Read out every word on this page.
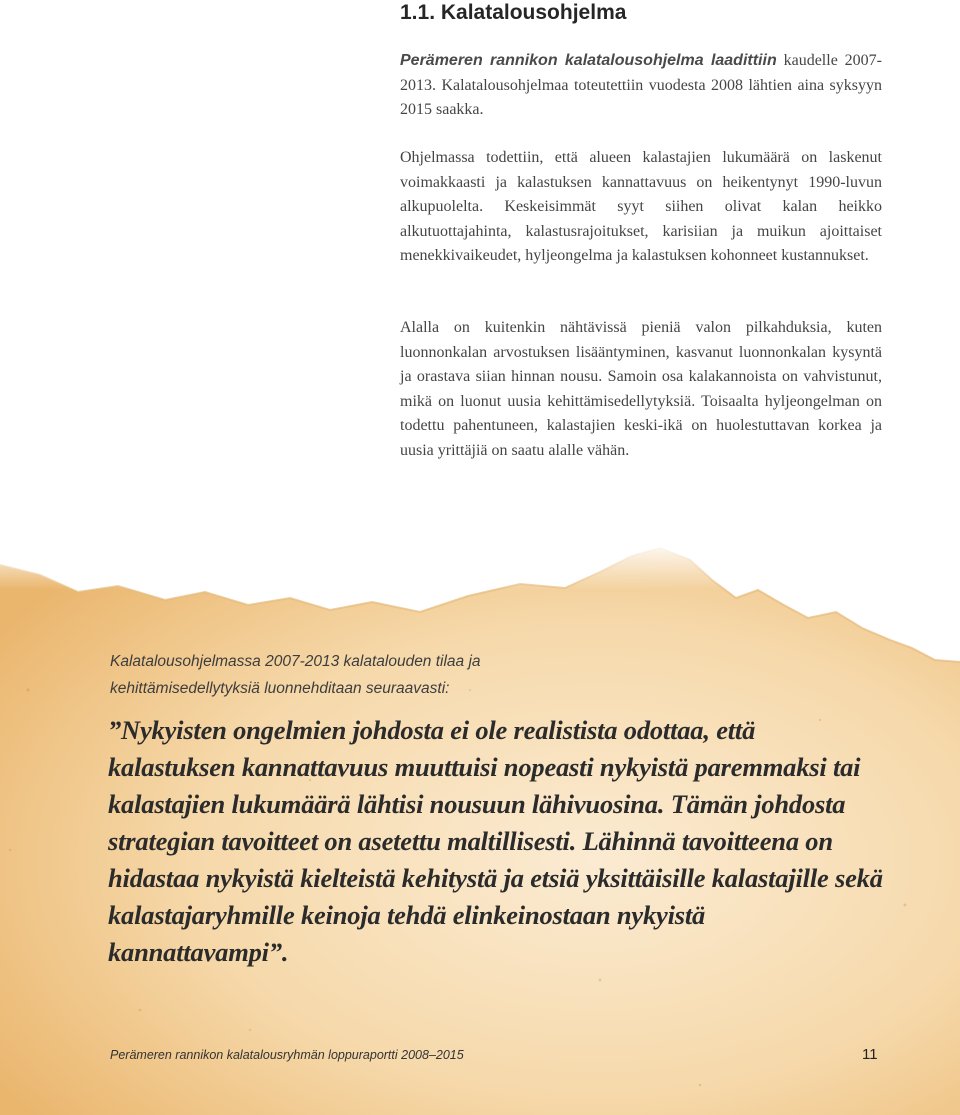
1.1. Kalatalousohjelma

Perämeren rannikon kalatalousohjelma laadittiin kaudelle 2007-2013. Kalatalousohjelmaa toteutettiin vuodesta 2008 lähtien aina syksyyn 2015 saakka.

Ohjelmassa todettiin, että alueen kalastajien lukumäärä on laskenut voimakkaasti ja kalastuksen kannattavuus on heikentynyt 1990-luvun alkupuolelta. Keskeisimmät syyt siihen olivat kalan heikko alkutuottajahinta, kalastusrajoitukset, karisiian ja muikun ajoittaiset menekkivaikeudet, hyljeongelma ja kalastuksen kohonneet kustannukset.

Alalla on kuitenkin nähtävissä pieniä valon pilkahduksia, kuten luonnonkalan arvostuksen lisääntyminen, kasvanut luonnonkalan kysyntä ja orastava siian hinnan nousu. Samoin osa kalakannoista on vahvistunut, mikä on luonut uusia kehittämisedellytyksiä. Toisaalta hyljeongelman on todettu pahentuneen, kalastajien keski-ikä on huolestuttavan korkea ja uusia yrittäjiä on saatu alalle vähän.

Kalatalousohjelmassa 2007-2013 kalatalouden tilaa ja kehittämisedellytyksiä luonnehditaan seuraavasti:

”Nykyisten ongelmien johdosta ei ole realistista odottaa, että kalastuksen kannattavuus muuttuisi nopeasti nykyistä paremmaksi tai kalastajien lukumäärä lähtisi nousuun lähivuosina. Tämän johdosta strategian tavoitteet on asetettu maltillisesti. Lähinnä tavoitteena on hidastaa nykyistä kielteistä kehitystä ja etsiä yksittäisille kalastajille sekä kalastajaryhmille keinoja tehdä elinkeinostaan nykyistä kannattavampi”.

Perämeren rannikon kalatalousryhmän loppuraportti 2008–2015	11
